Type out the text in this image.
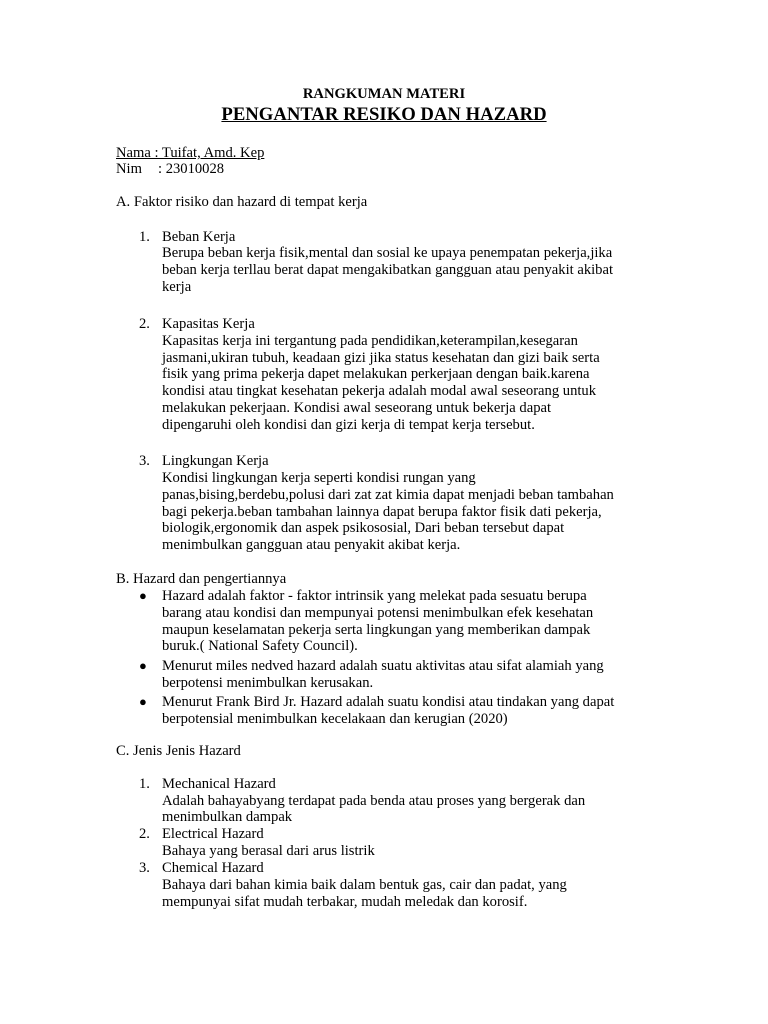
RANGKUMAN MATERI
PENGANTAR RESIKO DAN HAZARD
Nama : Tuifat, Amd. Kep
Nim : 23010028
A. Faktor risiko dan hazard di tempat kerja
1. Beban Kerja
Berupa beban kerja fisik,mental dan sosial ke upaya penempatan pekerja,jika
beban kerja terllau berat dapat mengakibatkan gangguan atau penyakit akibat
kerja
2. Kapasitas Kerja
Kapasitas kerja ini tergantung pada pendidikan,keterampilan,kesegaran
jasmani,ukiran tubuh, keadaan gizi jika status kesehatan dan gizi baik serta
fisik yang prima pekerja dapet melakukan perkerjaan dengan baik.karena
kondisi atau tingkat kesehatan pekerja adalah modal awal seseorang untuk
melakukan pekerjaan. Kondisi awal seseorang untuk bekerja dapat
dipengaruhi oleh kondisi dan gizi kerja di tempat kerja tersebut.
3. Lingkungan Kerja
Kondisi lingkungan kerja seperti kondisi rungan yang
panas,bising,berdebu,polusi dari zat zat kimia dapat menjadi beban tambahan
bagi pekerja.beban tambahan lainnya dapat berupa faktor fisik dati pekerja,
biologik,ergonomik dan aspek psikososial, Dari beban tersebut dapat
menimbulkan gangguan atau penyakit akibat kerja.
B. Hazard dan pengertiannya
● Hazard adalah faktor - faktor intrinsik yang melekat pada sesuatu berupa
barang atau kondisi dan mempunyai potensi menimbulkan efek kesehatan
maupun keselamatan pekerja serta lingkungan yang memberikan dampak
buruk.( National Safety Council).
● Menurut miles nedved hazard adalah suatu aktivitas atau sifat alamiah yang
berpotensi menimbulkan kerusakan.
● Menurut Frank Bird Jr. Hazard adalah suatu kondisi atau tindakan yang dapat
berpotensial menimbulkan kecelakaan dan kerugian (2020)
C. Jenis Jenis Hazard
1. Mechanical Hazard
Adalah bahayabyang terdapat pada benda atau proses yang bergerak dan
menimbulkan dampak
2. Electrical Hazard
Bahaya yang berasal dari arus listrik
3. Chemical Hazard
Bahaya dari bahan kimia baik dalam bentuk gas, cair dan padat, yang
mempunyai sifat mudah terbakar, mudah meledak dan korosif.
